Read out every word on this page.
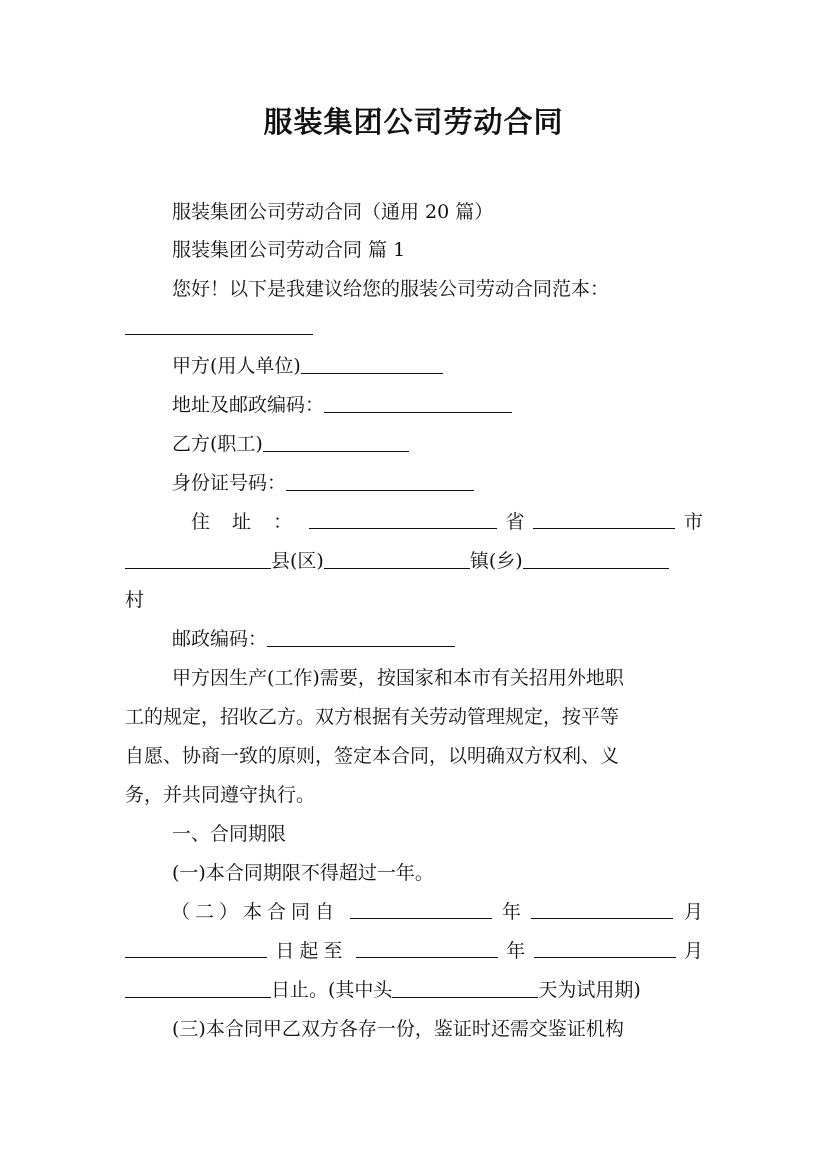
服装集团公司劳动合同
服装集团公司劳动合同（通用 20 篇）
服装集团公司劳动合同 篇 1
您好！以下是我建议给您的服装公司劳动合同范本：
甲方(用人单位)
地址及邮政编码：
乙方(职工)
身份证号码：
住 址 ：	省	市
县(区)	镇(乡)
村
邮政编码：
甲方因生产(工作)需要，按国家和本市有关招用外地职
工的规定，招收乙方。双方根据有关劳动管理规定，按平等
自愿、协商一致的原则，签定本合同，以明确双方权利、义
务，并共同遵守执行。
一、合同期限
(一)本合同期限不得超过一年。
（二）本合同自	年	月
日起至	年	月
日止。(其中头	天为试用期)
(三)本合同甲乙双方各存一份，鉴证时还需交鉴证机构
